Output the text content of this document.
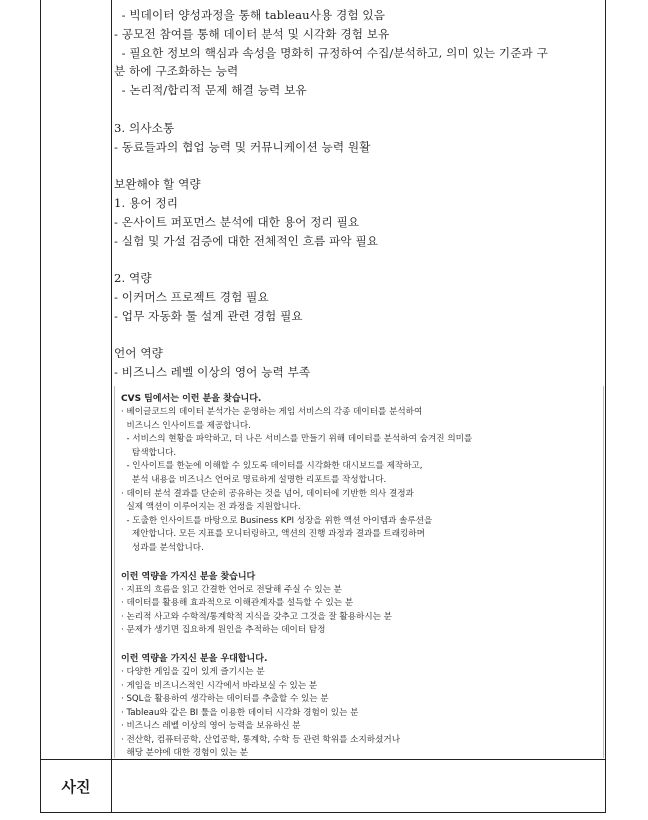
- 빅데이터 양성과정을 통해 tableau사용 경험 있음
- 공모전 참여를 통해 데이터 분석 및 시각화 경험 보유
- 필요한 정보의 핵심과 속성을 명화히 규정하여 수집/분석하고, 의미 있는 기준과 구
분 하에 구조화하는 능력
- 논리적/합리적 문제 해결 능력 보유
3. 의사소통
- 동료들과의 협업 능력 및 커뮤니케이션 능력 원활
보완해야 할 역량
1. 용어 정리
- 온사이트 퍼포먼스 분석에 대한 용어 정리 필요
- 실험 및 가설 검증에 대한 전체적인 흐름 파악 필요
2. 역량
- 이커머스 프로젝트 경험 필요
- 업무 자동화 툴 설계 관련 경험 필요
언어 역량
- 비즈니스 레벨 이상의 영어 능력 부족
CVS 팀에서는 이런 분을 찾습니다.
· 베이글코드의 데이터 분석가는 운영하는 게임 서비스의 각종 데이터를 분석하여
비즈니스 인사이트를 제공합니다.
- 서비스의 현황을 파악하고, 더 나은 서비스를 만들기 위해 데이터를 분석하여 숨겨진 의미를
탐색합니다.
- 인사이트를 한눈에 이해할 수 있도록 데이터를 시각화한 대시보드를 제작하고,
분석 내용을 비즈니스 언어로 명료하게 설명한 리포트를 작성합니다.
· 데이터 분석 결과를 단순히 공유하는 것을 넘어, 데이터에 기반한 의사 결정과
실제 액션이 이루어지는 전 과정을 지원합니다.
- 도출한 인사이트를 바탕으로 Business KPI 성장을 위한 액션 아이템과 솔루션을
제안합니다. 모든 지표를 모니터링하고, 액션의 진행 과정과 결과를 트래킹하며
성과를 분석합니다.
이런 역량을 가지신 분을 찾습니다
· 지표의 흐름을 읽고 간결한 언어로 전달해 주실 수 있는 분
· 데이터를 활용해 효과적으로 이해관계자를 설득할 수 있는 분
· 논리적 사고와 수학적/통계학적 지식을 갖추고 그것을 잘 활용하시는 분
· 문제가 생기면 집요하게 원인을 추적하는 데이터 탐정
이런 역량을 가지신 분을 우대합니다.
· 다양한 게임을 깊이 있게 즐기시는 분
· 게임을 비즈니스적인 시각에서 바라보실 수 있는 분
· SQL을 활용하여 생각하는 데이터를 추출할 수 있는 분
· Tableau와 같은 BI 툴을 이용한 데이터 시각화 경험이 있는 분
· 비즈니스 레벨 이상의 영어 능력을 보유하신 분
· 전산학, 컴퓨터공학, 산업공학, 통계학, 수학 등 관련 학위를 소지하셨거나
해당 분야에 대한 경험이 있는 분
사진
